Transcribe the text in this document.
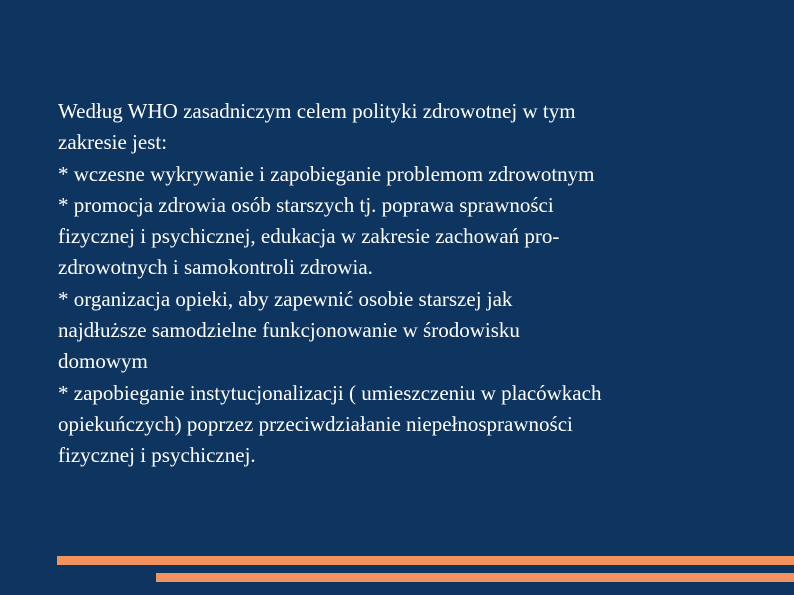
Według WHO zasadniczym celem polityki zdrowotnej w tym
zakresie jest:
* wczesne wykrywanie i zapobieganie problemom zdrowotnym
* promocja zdrowia osób starszych tj. poprawa sprawności
fizycznej i psychicznej, edukacja w zakresie zachowań pro-
zdrowotnych i samokontroli zdrowia.
* organizacja opieki, aby zapewnić osobie starszej jak
najdłuższe samodzielne funkcjonowanie w środowisku
domowym
* zapobieganie instytucjonalizacji ( umieszczeniu w placówkach
opiekuńczych) poprzez przeciwdziałanie niepełnosprawności
fizycznej i psychicznej.
